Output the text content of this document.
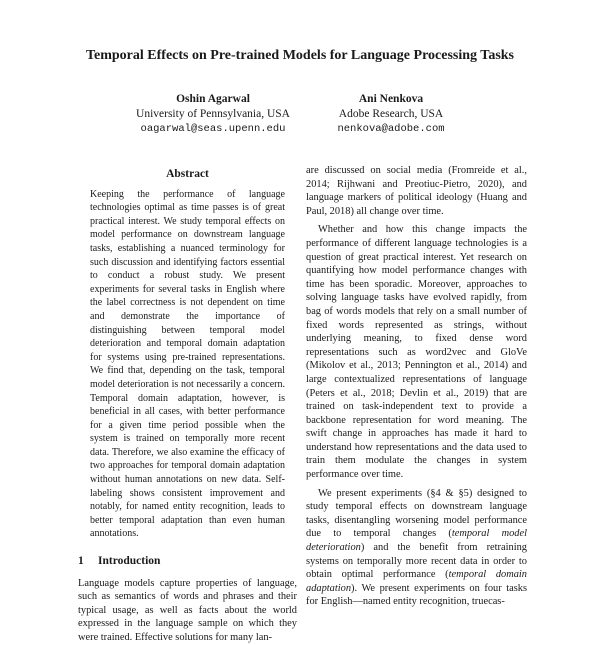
Temporal Effects on Pre-trained Models for Language Processing Tasks
Oshin Agarwal
University of Pennsylvania, USA
oagarwal@seas.upenn.edu
Ani Nenkova
Adobe Research, USA
nenkova@adobe.com
Abstract
Keeping the performance of language technologies optimal as time passes is of great practical interest. We study temporal effects on model performance on downstream language tasks, establishing a nuanced terminology for such discussion and identifying factors essential to conduct a robust study. We present experiments for several tasks in English where the label correctness is not dependent on time and demonstrate the importance of distinguishing between temporal model deterioration and temporal domain adaptation for systems using pre-trained representations. We find that, depending on the task, temporal model deterioration is not necessarily a concern. Temporal domain adaptation, however, is beneficial in all cases, with better performance for a given time period possible when the system is trained on temporally more recent data. Therefore, we also examine the efficacy of two approaches for temporal domain adaptation without human annotations on new data. Self-labeling shows consistent improvement and notably, for named entity recognition, leads to better temporal adaptation than even human annotations.
1 Introduction

Language models capture properties of language, such as semantics of words and phrases and their typical usage, as well as facts about the world expressed in the language sample on which they were trained. Effective solutions for many lan-

are discussed on social media (Fromreide et al., 2014; Rijhwani and Preotiuc-Pietro, 2020), and language markers of political ideology (Huang and Paul, 2018) all change over time.

Whether and how this change impacts the performance of different language technologies is a question of great practical interest. Yet research on quantifying how model performance changes with time has been sporadic. Moreover, approaches to solving language tasks have evolved rapidly, from bag of words models that rely on a small number of fixed words represented as strings, without underlying meaning, to fixed dense word representations such as word2vec and GloVe (Mikolov et al., 2013; Pennington et al., 2014) and large contextualized representations of language (Peters et al., 2018; Devlin et al., 2019) that are trained on task-independent text to provide a backbone representation for word meaning. The swift change in approaches has made it hard to understand how representations and the data used to train them modulate the changes in system performance over time.

We present experiments (§4 & §5) designed to study temporal effects on downstream language tasks, disentangling worsening model performance due to temporal changes (temporal model deterioration) and the benefit from retraining systems on temporally more recent data in order to obtain optimal performance (temporal domain adaptation). We present experiments on four tasks for English—named entity recognition, truecas-
